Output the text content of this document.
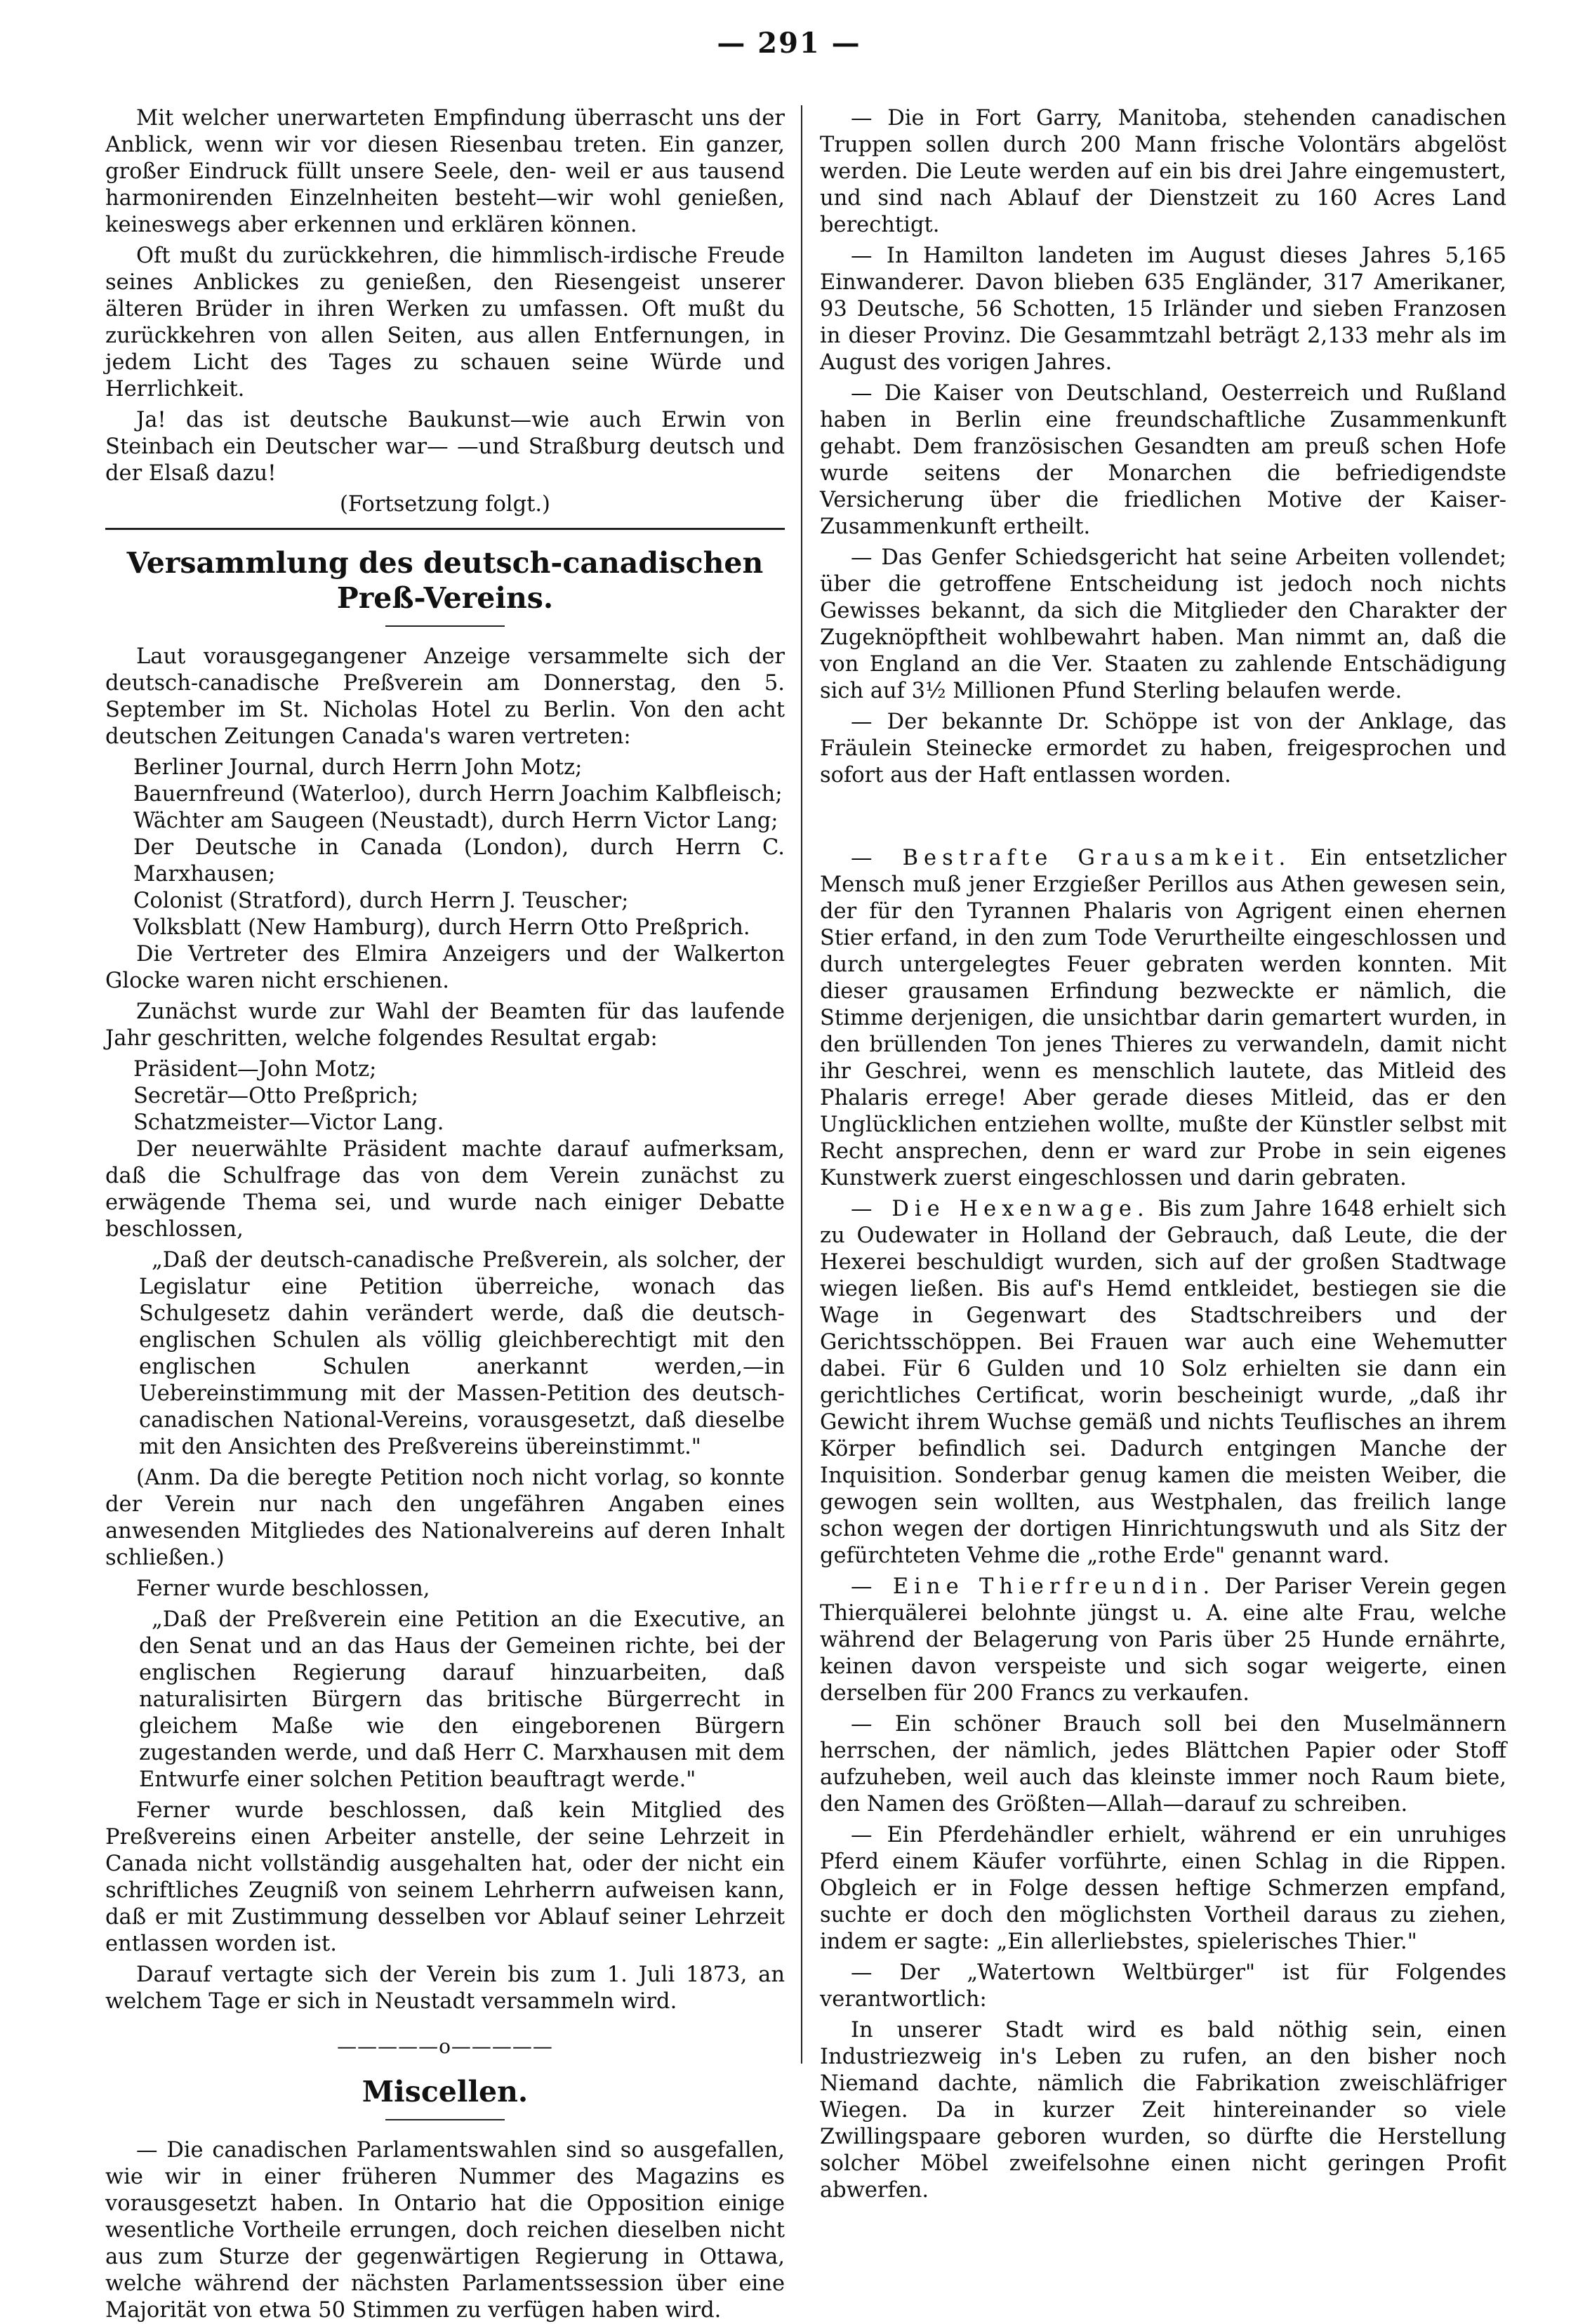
— 291 —

Mit welcher unerwarteten Empfindung überrascht uns der Anblick, wenn wir vor diesen Riesenbau treten. Ein ganzer, großer Eindruck füllt unsere Seele, den- weil er aus tausend harmonirenden Einzelnheiten besteht—wir wohl genießen, keineswegs aber erkennen und erklären können.

Oft mußt du zurückkehren, die himmlisch-irdische Freude seines Anblickes zu genießen, den Riesengeist unserer älteren Brüder in ihren Werken zu umfassen. Oft mußt du zurückkehren von allen Seiten, aus allen Entfernungen, in jedem Licht des Tages zu schauen seine Würde und Herrlichkeit.

Ja! das ist deutsche Baukunst—wie auch Erwin von Steinbach ein Deutscher war— —und Straßburg deutsch und der Elsaß dazu!

(Fortsetzung folgt.)

Versammlung des deutsch-canadischen Preß-Vereins.

Laut vorausgegangener Anzeige versammelte sich der deutsch-canadische Preßverein am Donnerstag, den 5. September im St. Nicholas Hotel zu Berlin. Von den acht deutschen Zeitungen Canada's waren vertreten:

Berliner Journal, durch Herrn John Motz;

Bauernfreund (Waterloo), durch Herrn Joachim Kalbfleisch;

Wächter am Saugeen (Neustadt), durch Herrn Victor Lang;

Der Deutsche in Canada (London), durch Herrn C. Marxhausen;

Colonist (Stratford), durch Herrn J. Teuscher;

Volksblatt (New Hamburg), durch Herrn Otto Preßprich.

Die Vertreter des Elmira Anzeigers und der Walkerton Glocke waren nicht erschienen.

Zunächst wurde zur Wahl der Beamten für das laufende Jahr geschritten, welche folgendes Resultat ergab:

Präsident—John Motz;

Secretär—Otto Preßprich;

Schatzmeister—Victor Lang.

Der neuerwählte Präsident machte darauf aufmerksam, daß die Schulfrage das von dem Verein zunächst zu erwägende Thema sei, und wurde nach einiger Debatte beschlossen,

„Daß der deutsch-canadische Preßverein, als solcher, der Legislatur eine Petition überreiche, wonach das Schulgesetz dahin verändert werde, daß die deutsch-englischen Schulen als völlig gleichberechtigt mit den englischen Schulen anerkannt werden,—in Uebereinstimmung mit der Massen-Petition des deutsch-canadischen National-Vereins, vorausgesetzt, daß dieselbe mit den Ansichten des Preßvereins übereinstimmt."

(Anm. Da die beregte Petition noch nicht vorlag, so konnte der Verein nur nach den ungefähren Angaben eines anwesenden Mitgliedes des Nationalvereins auf deren Inhalt schließen.)

Ferner wurde beschlossen,

„Daß der Preßverein eine Petition an die Executive, an den Senat und an das Haus der Gemeinen richte, bei der englischen Regierung darauf hinzuarbeiten, daß naturalisirten Bürgern das britische Bürgerrecht in gleichem Maße wie den eingeborenen Bürgern zugestanden werde, und daß Herr C. Marxhausen mit dem Entwurfe einer solchen Petition beauftragt werde."

Ferner wurde beschlossen, daß kein Mitglied des Preßvereins einen Arbeiter anstelle, der seine Lehrzeit in Canada nicht vollständig ausgehalten hat, oder der nicht ein schriftliches Zeugniß von seinem Lehrherrn aufweisen kann, daß er mit Zustimmung desselben vor Ablauf seiner Lehrzeit entlassen worden ist.

Darauf vertagte sich der Verein bis zum 1. Juli 1873, an welchem Tage er sich in Neustadt versammeln wird.

—————o—————

Miscellen.

— Die canadischen Parlamentswahlen sind so ausgefallen, wie wir in einer früheren Nummer des Magazins es vorausgesetzt haben. In Ontario hat die Opposition einige wesentliche Vortheile errungen, doch reichen dieselben nicht aus zum Sturze der gegenwärtigen Regierung in Ottawa, welche während der nächsten Parlamentssession über eine Majorität von etwa 50 Stimmen zu verfügen haben wird.

— Die in Fort Garry, Manitoba, stehenden canadischen Truppen sollen durch 200 Mann frische Volontärs abgelöst werden. Die Leute werden auf ein bis drei Jahre eingemustert, und sind nach Ablauf der Dienstzeit zu 160 Acres Land berechtigt.

— In Hamilton landeten im August dieses Jahres 5,165 Einwanderer. Davon blieben 635 Engländer, 317 Amerikaner, 93 Deutsche, 56 Schotten, 15 Irländer und sieben Franzosen in dieser Provinz. Die Gesammtzahl beträgt 2,133 mehr als im August des vorigen Jahres.

— Die Kaiser von Deutschland, Oesterreich und Rußland haben in Berlin eine freundschaftliche Zusammenkunft gehabt. Dem französischen Gesandten am preuß schen Hofe wurde seitens der Monarchen die befriedigendste Versicherung über die friedlichen Motive der Kaiser-Zusammenkunft ertheilt.

— Das Genfer Schiedsgericht hat seine Arbeiten vollendet; über die getroffene Entscheidung ist jedoch noch nichts Gewisses bekannt, da sich die Mitglieder den Charakter der Zugeknöpftheit wohlbewahrt haben. Man nimmt an, daß die von England an die Ver. Staaten zu zahlende Entschädigung sich auf 3½ Millionen Pfund Sterling belaufen werde.

— Der bekannte Dr. Schöppe ist von der Anklage, das Fräulein Steinecke ermordet zu haben, freigesprochen und sofort aus der Haft entlassen worden.

— Bestrafte Grausamkeit. Ein entsetzlicher Mensch muß jener Erzgießer Perillos aus Athen gewesen sein, der für den Tyrannen Phalaris von Agrigent einen ehernen Stier erfand, in den zum Tode Verurtheilte eingeschlossen und durch untergelegtes Feuer gebraten werden konnten. Mit dieser grausamen Erfindung bezweckte er nämlich, die Stimme derjenigen, die unsichtbar darin gemartert wurden, in den brüllenden Ton jenes Thieres zu verwandeln, damit nicht ihr Geschrei, wenn es menschlich lautete, das Mitleid des Phalaris errege! Aber gerade dieses Mitleid, das er den Unglücklichen entziehen wollte, mußte der Künstler selbst mit Recht ansprechen, denn er ward zur Probe in sein eigenes Kunstwerk zuerst eingeschlossen und darin gebraten.

— Die Hexenwage. Bis zum Jahre 1648 erhielt sich zu Oudewater in Holland der Gebrauch, daß Leute, die der Hexerei beschuldigt wurden, sich auf der großen Stadtwage wiegen ließen. Bis auf's Hemd entkleidet, bestiegen sie die Wage in Gegenwart des Stadtschreibers und der Gerichtsschöppen. Bei Frauen war auch eine Wehemutter dabei. Für 6 Gulden und 10 Solz erhielten sie dann ein gerichtliches Certificat, worin bescheinigt wurde, „daß ihr Gewicht ihrem Wuchse gemäß und nichts Teuflisches an ihrem Körper befindlich sei. Dadurch entgingen Manche der Inquisition. Sonderbar genug kamen die meisten Weiber, die gewogen sein wollten, aus Westphalen, das freilich lange schon wegen der dortigen Hinrichtungswuth und als Sitz der gefürchteten Vehme die „rothe Erde" genannt ward.

— Eine Thierfreundin. Der Pariser Verein gegen Thierquälerei belohnte jüngst u. A. eine alte Frau, welche während der Belagerung von Paris über 25 Hunde ernährte, keinen davon verspeiste und sich sogar weigerte, einen derselben für 200 Francs zu verkaufen.

— Ein schöner Brauch soll bei den Muselmännern herrschen, der nämlich, jedes Blättchen Papier oder Stoff aufzuheben, weil auch das kleinste immer noch Raum biete, den Namen des Größten—Allah—darauf zu schreiben.

— Ein Pferdehändler erhielt, während er ein unruhiges Pferd einem Käufer vorführte, einen Schlag in die Rippen. Obgleich er in Folge dessen heftige Schmerzen empfand, suchte er doch den möglichsten Vortheil daraus zu ziehen, indem er sagte: „Ein allerliebstes, spielerisches Thier."

— Der „Watertown Weltbürger" ist für Folgendes verantwortlich:

In unserer Stadt wird es bald nöthig sein, einen Industriezweig in's Leben zu rufen, an den bisher noch Niemand dachte, nämlich die Fabrikation zweischläfriger Wiegen. Da in kurzer Zeit hintereinander so viele Zwillingspaare geboren wurden, so dürfte die Herstellung solcher Möbel zweifelsohne einen nicht geringen Profit abwerfen.
